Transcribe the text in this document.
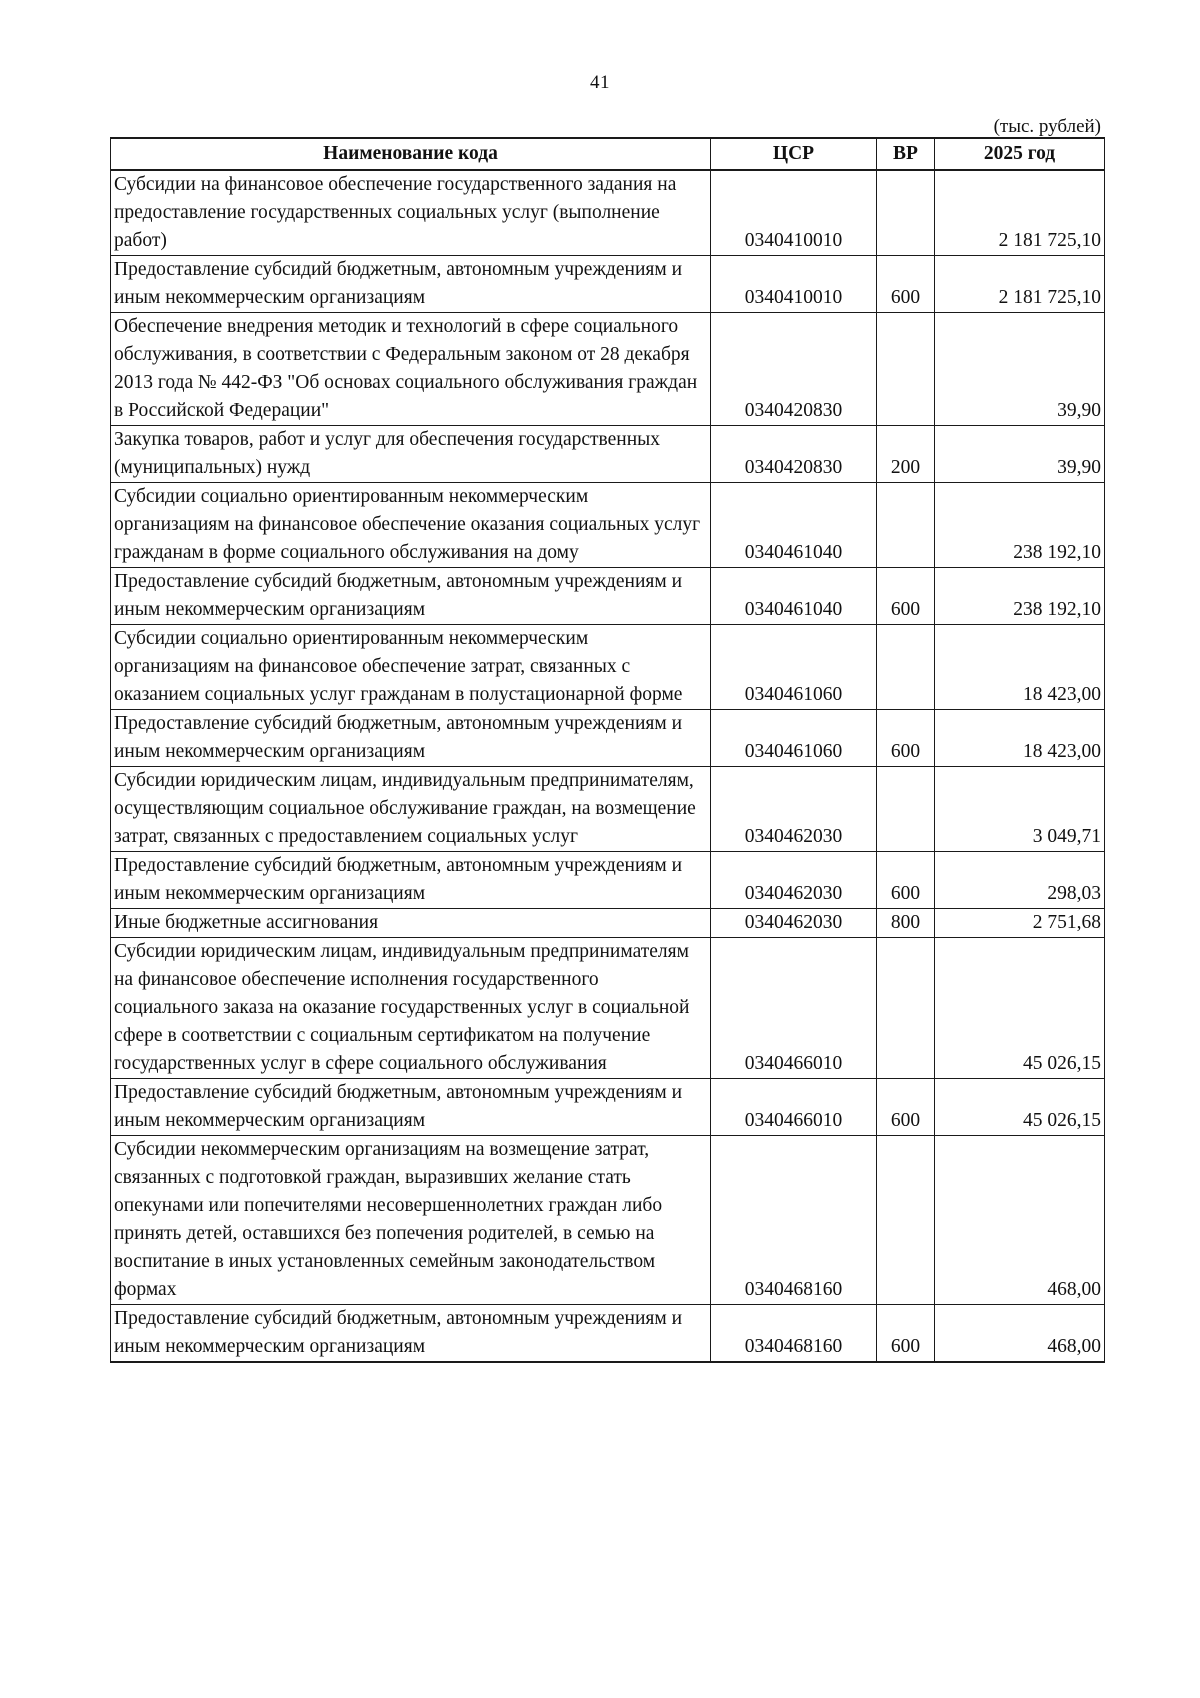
41
(тыс. рублей)
Наименование кода	ЦСР	ВР	2025 год
Субсидии на финансовое обеспечение государственного задания на предоставление государственных социальных услуг (выполнение работ)	0340410010		2 181 725,10
Предоставление субсидий бюджетным, автономным учреждениям и иным некоммерческим организациям	0340410010	600	2 181 725,10
Обеспечение внедрения методик и технологий в сфере социального обслуживания, в соответствии с Федеральным законом от 28 декабря 2013 года № 442-ФЗ "Об основах социального обслуживания граждан в Российской Федерации"	0340420830		39,90
Закупка товаров, работ и услуг для обеспечения государственных (муниципальных) нужд	0340420830	200	39,90
Субсидии социально ориентированным некоммерческим организациям на финансовое обеспечение оказания социальных услуг гражданам в форме социального обслуживания на дому	0340461040		238 192,10
Предоставление субсидий бюджетным, автономным учреждениям и иным некоммерческим организациям	0340461040	600	238 192,10
Субсидии социально ориентированным некоммерческим организациям на финансовое обеспечение затрат, связанных с оказанием социальных услуг гражданам в полустационарной форме	0340461060		18 423,00
Предоставление субсидий бюджетным, автономным учреждениям и иным некоммерческим организациям	0340461060	600	18 423,00
Субсидии юридическим лицам, индивидуальным предпринимателям, осуществляющим социальное обслуживание граждан, на возмещение затрат, связанных с предоставлением социальных услуг	0340462030		3 049,71
Предоставление субсидий бюджетным, автономным учреждениям и иным некоммерческим организациям	0340462030	600	298,03
Иные бюджетные ассигнования	0340462030	800	2 751,68
Субсидии юридическим лицам, индивидуальным предпринимателям на финансовое обеспечение исполнения государственного социального заказа на оказание государственных услуг в социальной сфере в соответствии с социальным сертификатом на получение государственных услуг в сфере социального обслуживания	0340466010		45 026,15
Предоставление субсидий бюджетным, автономным учреждениям и иным некоммерческим организациям	0340466010	600	45 026,15
Субсидии некоммерческим организациям на возмещение затрат, связанных с подготовкой граждан, выразивших желание стать опекунами или попечителями несовершеннолетних граждан либо принять детей, оставшихся без попечения родителей, в семью на воспитание в иных установленных семейным законодательством формах	0340468160		468,00
Предоставление субсидий бюджетным, автономным учреждениям и иным некоммерческим организациям	0340468160	600	468,00
